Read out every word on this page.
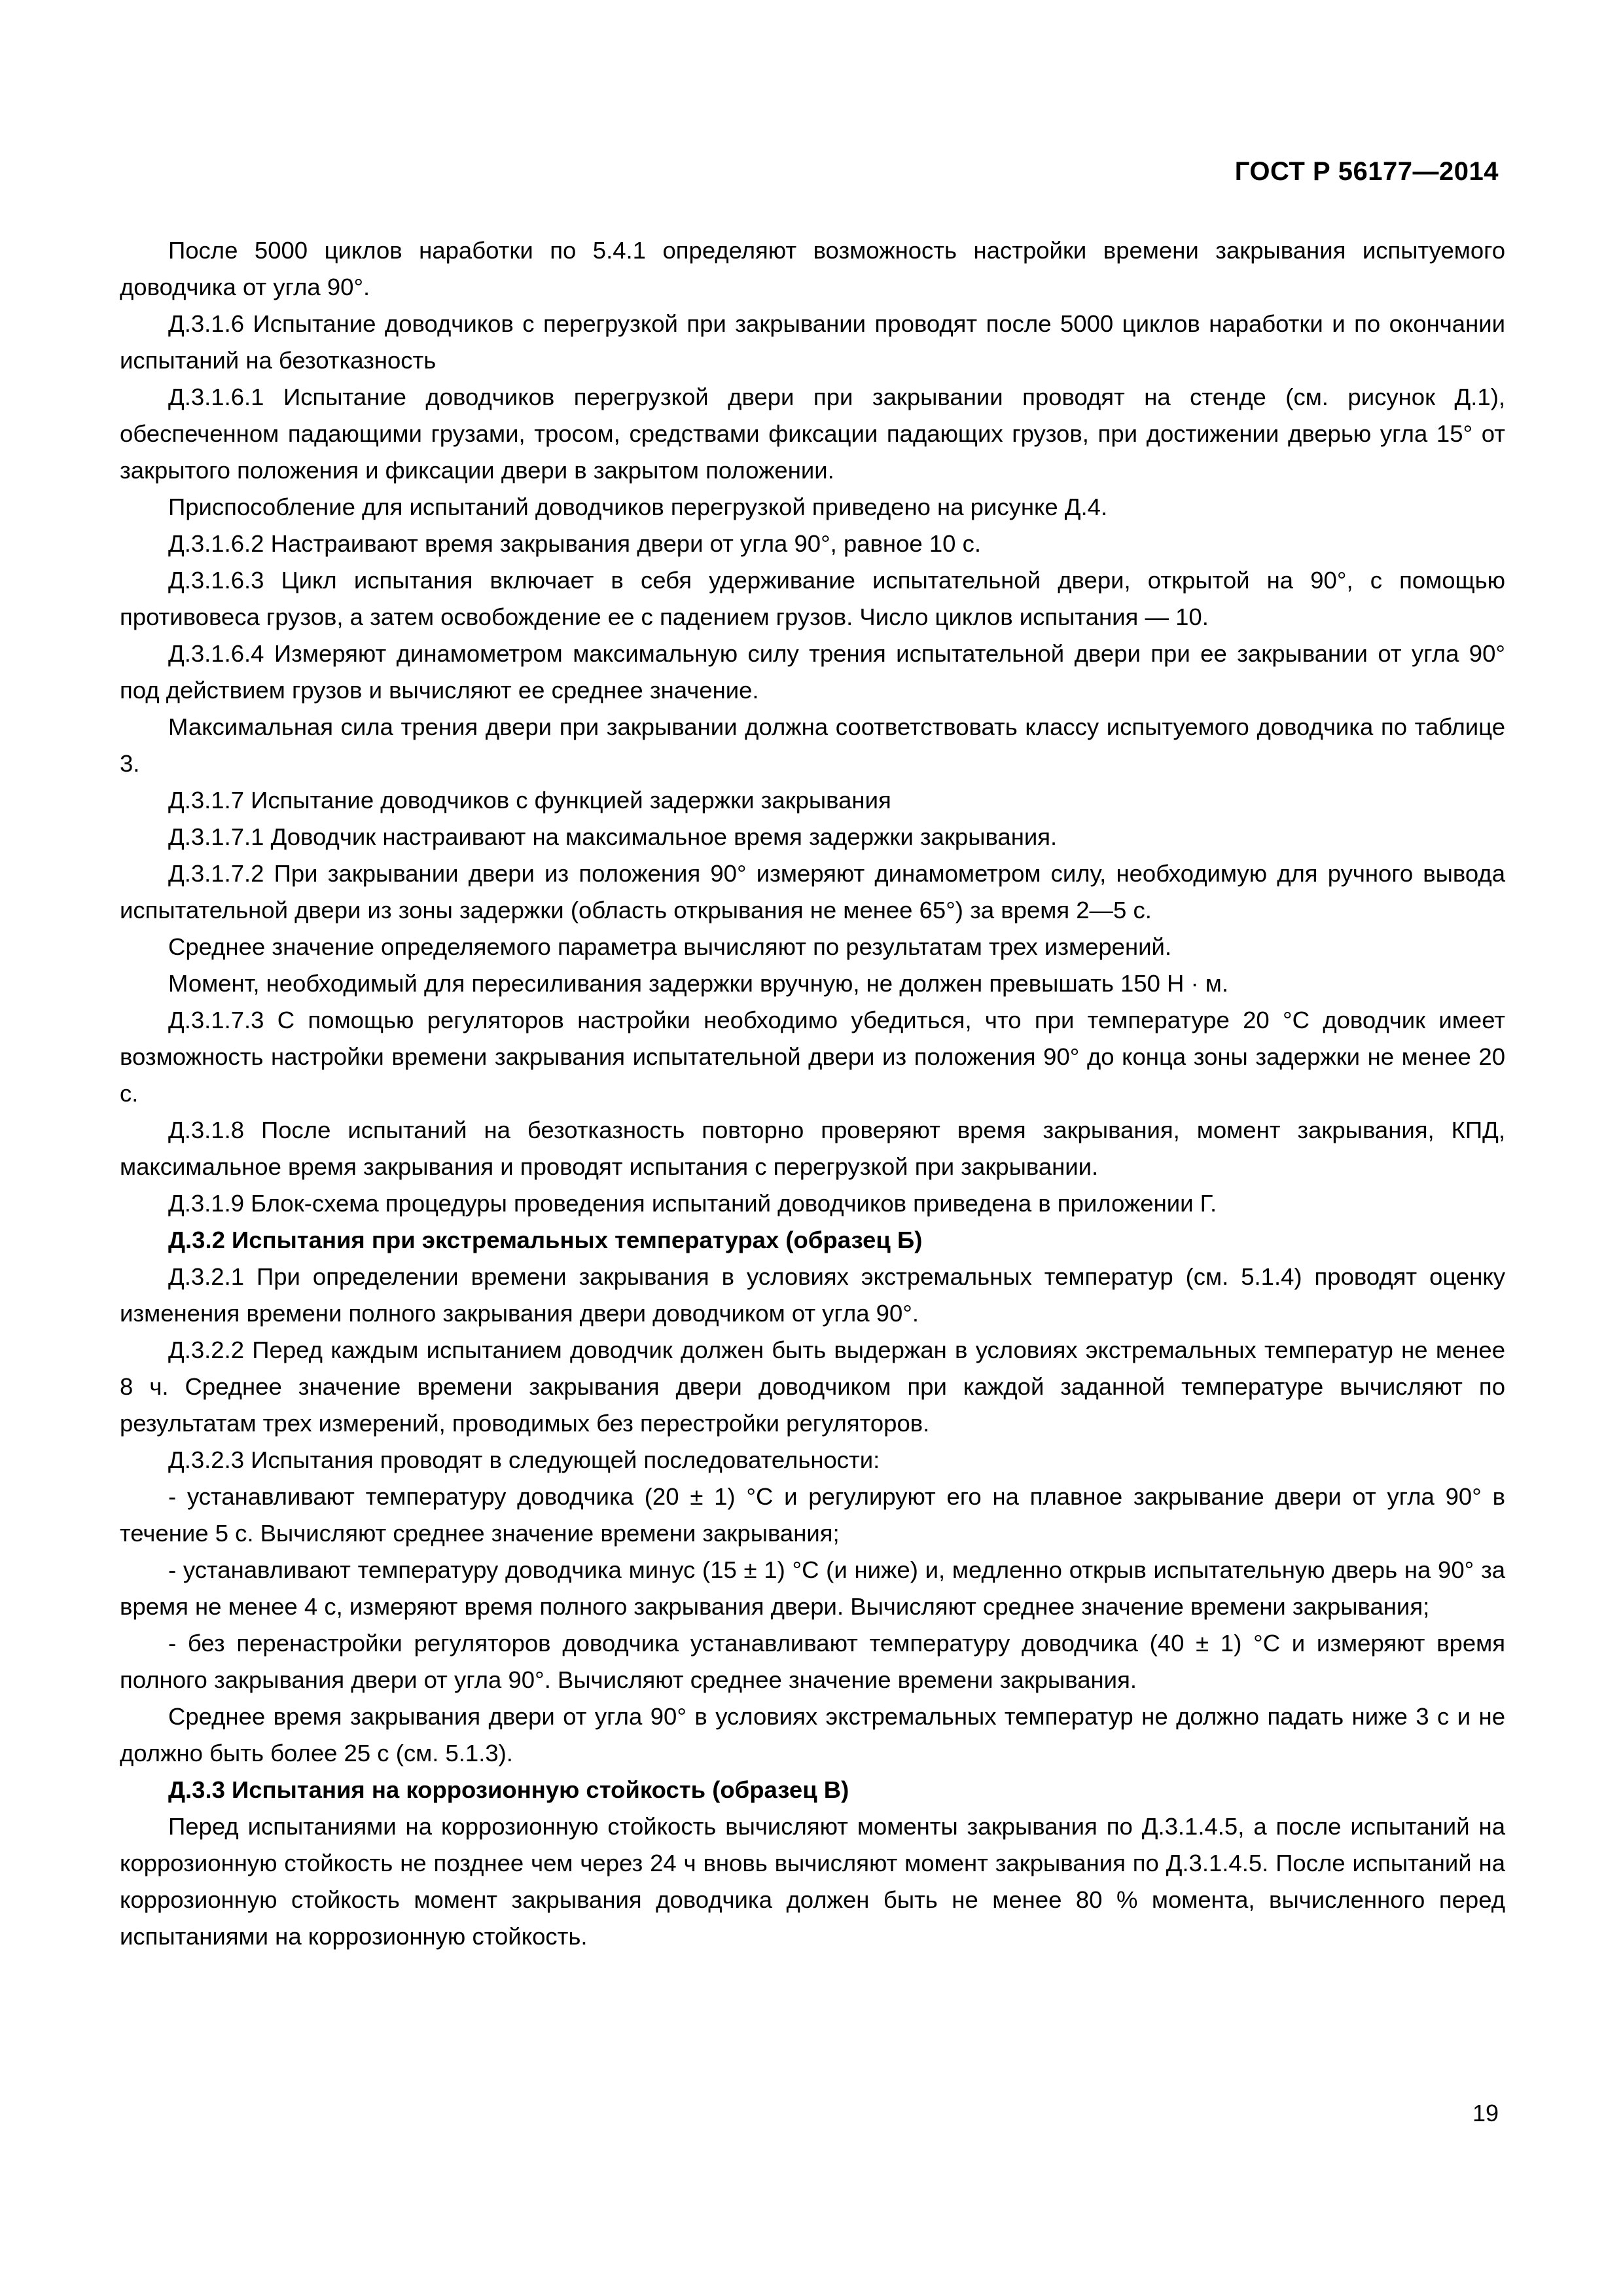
ГОСТ Р 56177—2014

После 5000 циклов наработки по 5.4.1 определяют возможность настройки времени закрывания испытуемого доводчика от угла 90°.

Д.3.1.6 Испытание доводчиков с перегрузкой при закрывании проводят после 5000 циклов наработки и по окончании испытаний на безотказность

Д.3.1.6.1 Испытание доводчиков перегрузкой двери при закрывании проводят на стенде (см. рисунок Д.1), обеспеченном падающими грузами, тросом, средствами фиксации падающих грузов, при достижении дверью угла 15° от закрытого положения и фиксации двери в закрытом положении.

Приспособление для испытаний доводчиков перегрузкой приведено на рисунке Д.4.

Д.3.1.6.2 Настраивают время закрывания двери от угла 90°, равное 10 с.

Д.3.1.6.3 Цикл испытания включает в себя удерживание испытательной двери, открытой на 90°, с помощью противовеса грузов, а затем освобождение ее с падением грузов. Число циклов испытания — 10.

Д.3.1.6.4 Измеряют динамометром максимальную силу трения испытательной двери при ее закрывании от угла 90° под действием грузов и вычисляют ее среднее значение.

Максимальная сила трения двери при закрывании должна соответствовать классу испытуемого доводчика по таблице 3.

Д.3.1.7 Испытание доводчиков с функцией задержки закрывания

Д.3.1.7.1 Доводчик настраивают на максимальное время задержки закрывания.

Д.3.1.7.2 При закрывании двери из положения 90° измеряют динамометром силу, необходимую для ручного вывода испытательной двери из зоны задержки (область открывания не менее 65°) за время 2—5 с.

Среднее значение определяемого параметра вычисляют по результатам трех измерений.

Момент, необходимый для пересиливания задержки вручную, не должен превышать 150 Н · м.

Д.3.1.7.3 С помощью регуляторов настройки необходимо убедиться, что при температуре 20 °С доводчик имеет возможность настройки времени закрывания испытательной двери из положения 90° до конца зоны задержки не менее 20 с.

Д.3.1.8 После испытаний на безотказность повторно проверяют время закрывания, момент закрывания, КПД, максимальное время закрывания и проводят испытания с перегрузкой при закрывании.

Д.3.1.9 Блок-схема процедуры проведения испытаний доводчиков приведена в приложении Г.

Д.3.2 Испытания при экстремальных температурах (образец Б)

Д.3.2.1 При определении времени закрывания в условиях экстремальных температур (см. 5.1.4) проводят оценку изменения времени полного закрывания двери доводчиком от угла 90°.

Д.3.2.2 Перед каждым испытанием доводчик должен быть выдержан в условиях экстремальных температур не менее 8 ч. Среднее значение времени закрывания двери доводчиком при каждой заданной температуре вычисляют по результатам трех измерений, проводимых без перестройки регуляторов.

Д.3.2.3 Испытания проводят в следующей последовательности:

- устанавливают температуру доводчика (20 ± 1) °С и регулируют его на плавное закрывание двери от угла 90° в течение 5 с. Вычисляют среднее значение времени закрывания;

- устанавливают температуру доводчика минус (15 ± 1) °С (и ниже) и, медленно открыв испытательную дверь на 90° за время не менее 4 с, измеряют время полного закрывания двери. Вычисляют среднее значение времени закрывания;

- без перенастройки регуляторов доводчика устанавливают температуру доводчика (40 ± 1) °С и измеряют время полного закрывания двери от угла 90°. Вычисляют среднее значение времени закрывания.

Среднее время закрывания двери от угла 90° в условиях экстремальных температур не должно падать ниже 3 с и не должно быть более 25 с (см. 5.1.3).

Д.3.3 Испытания на коррозионную стойкость (образец В)

Перед испытаниями на коррозионную стойкость вычисляют моменты закрывания по Д.3.1.4.5, а после испытаний на коррозионную стойкость не позднее чем через 24 ч вновь вычисляют момент закрывания по Д.3.1.4.5. После испытаний на коррозионную стойкость момент закрывания доводчика должен быть не менее 80 % момента, вычисленного перед испытаниями на коррозионную стойкость.

19
